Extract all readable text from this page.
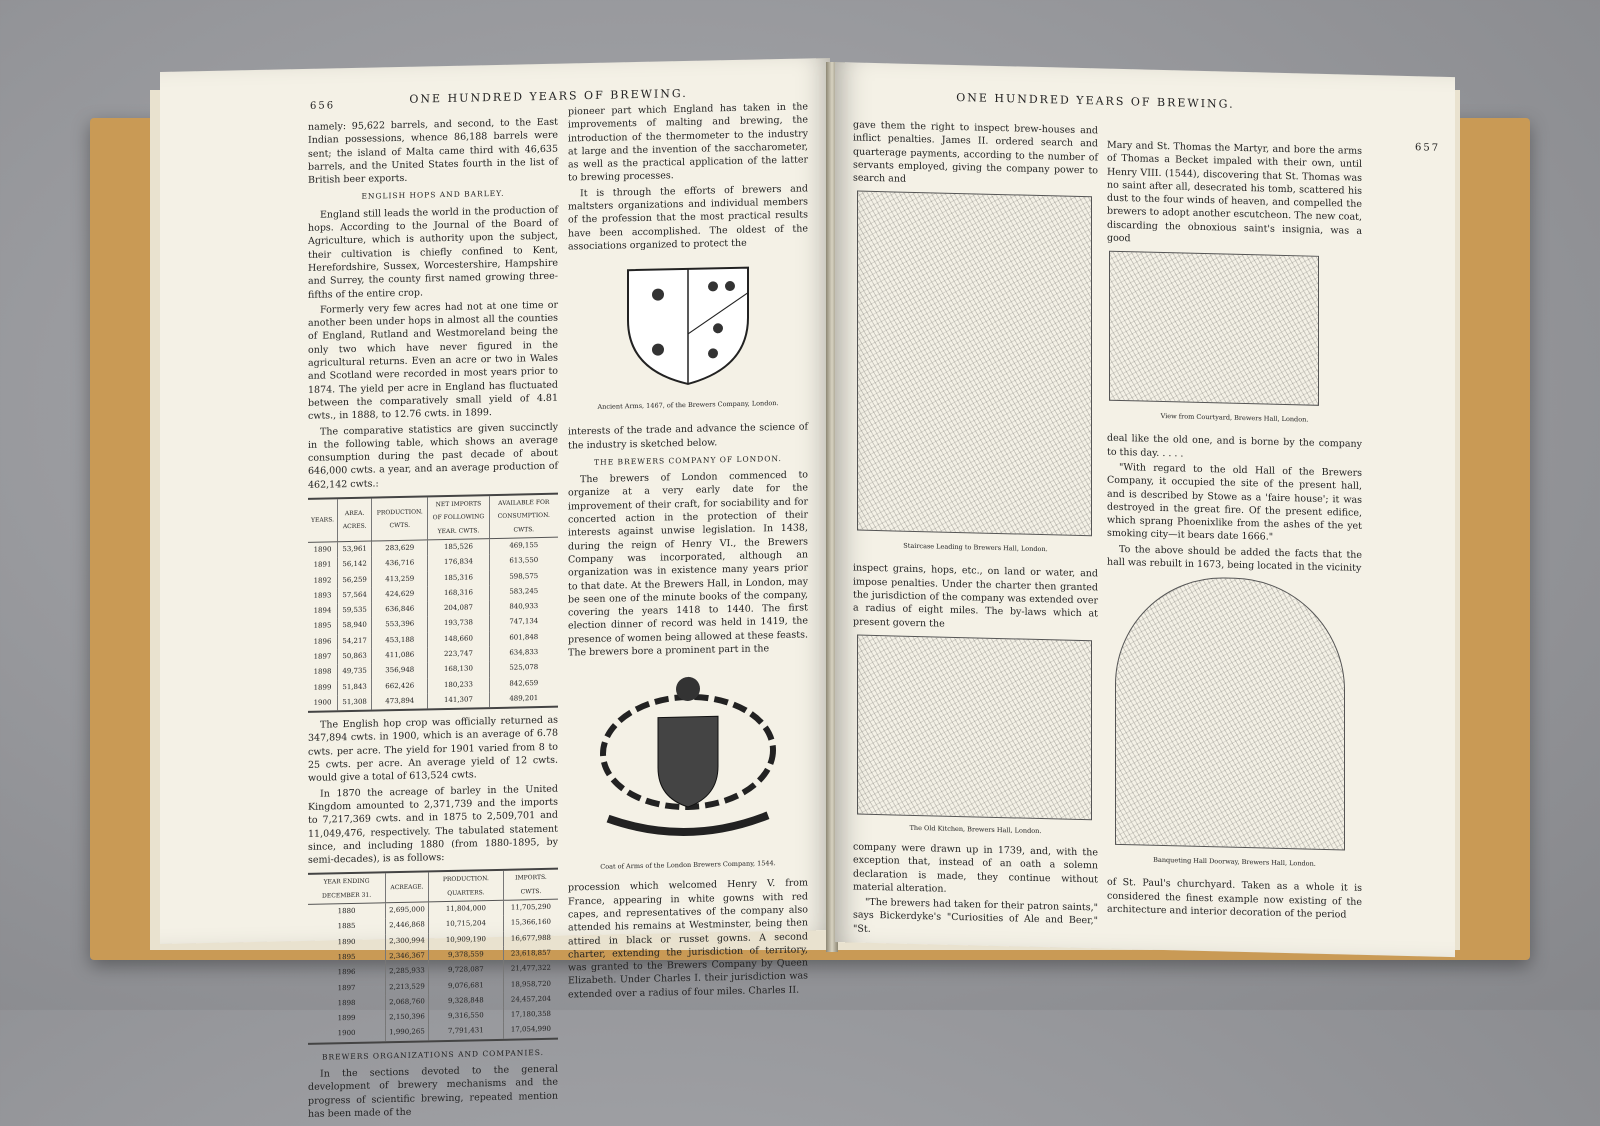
656
ONE HUNDRED YEARS OF BREWING.

namely: 95,622 barrels, and second, to the East Indian possessions, whence 86,188 barrels were sent; the island of Malta came third with 46,635 barrels, and the United States fourth in the list of British beer exports.

ENGLISH HOPS AND BARLEY.

England still leads the world in the production of hops. According to the Journal of the Board of Agriculture, which is authority upon the subject, their cultivation is chiefly confined to Kent, Herefordshire, Sussex, Worcestershire, Hampshire and Surrey, the county first named growing three-fifths of the entire crop.

Formerly very few acres had not at one time or another been under hops in almost all the counties of England, Rutland and Westmoreland being the only two which have never figured in the agricultural returns. Even an acre or two in Wales and Scotland were recorded in most years prior to 1874. The yield per acre in England has fluctuated between the comparatively small yield of 4.81 cwts., in 1888, to 12.76 cwts. in 1899.

The comparative statistics are given succinctly in the following table, which shows an average consumption during the past decade of about 646,000 cwts. a year, and an average production of 462,142 cwts.:

YEARS.	AREA. ACRES.	PRODUCTION. CWTS.	NET IMPORTS OF FOLLOWING YEAR. CWTS.	AVAILABLE FOR CONSUMPTION. CWTS.
1890	53,961	283,629	185,526	469,155
1891	56,142	436,716	176,834	613,550
1892	56,259	413,259	185,316	598,575
1893	57,564	424,629	168,316	583,245
1894	59,535	636,846	204,087	840,933
1895	58,940	553,396	193,738	747,134
1896	54,217	453,188	148,660	601,848
1897	50,863	411,086	223,747	634,833
1898	49,735	356,948	168,130	525,078
1899	51,843	662,426	180,233	842,659
1900	51,308	473,894	141,307	489,201

The English hop crop was officially returned as 347,894 cwts. in 1900, which is an average of 6.78 cwts. per acre. The yield for 1901 varied from 8 to 25 cwts. per acre. An average yield of 12 cwts. would give a total of 613,524 cwts.

In 1870 the acreage of barley in the United Kingdom amounted to 2,371,739 and the imports to 7,217,369 cwts. and in 1875 to 2,509,701 and 11,049,476, respectively. The tabulated statement since, and including 1880 (from 1880-1895, by semi-decades), is as follows:

YEAR ENDING DECEMBER 31.	ACREAGE.	PRODUCTION. QUARTERS.	IMPORTS. CWTS.
1880	2,695,000	11,804,000	11,705,290
1885	2,446,868	10,715,204	15,366,160
1890	2,300,994	10,909,190	16,677,988
1895	2,346,367	9,378,559	23,618,857
1896	2,285,933	9,728,087	21,477,322
1897	2,213,529	9,076,681	18,958,720
1898	2,068,760	9,328,848	24,457,204
1899	2,150,396	9,316,550	17,180,358
1900	1,990,265	7,791,431	17,054,990
BREWERS ORGANIZATIONS AND COMPANIES.

In the sections devoted to the general development of brewery mechanisms and the progress of scientific brewing, repeated mention has been made of the

pioneer part which England has taken in the improvements of malting and brewing, the introduction of the thermometer to the industry at large and the invention of the saccharometer, as well as the practical application of the latter to brewing processes.

It is through the efforts of brewers and maltsters organizations and individual members of the profession that the most practical results have been accomplished. The oldest of the associations organized to protect the

Ancient Arms, 1467, of the Brewers Company, London.

interests of the trade and advance the science of the industry is sketched below.

THE BREWERS COMPANY OF LONDON.

The brewers of London commenced to organize at a very early date for the improvement of their craft, for sociability and for concerted action in the protection of their interests against unwise legislation. In 1438, during the reign of Henry VI., the Brewers Company was incorporated, although an organization was in existence many years prior to that date. At the Brewers Hall, in London, may be seen one of the minute books of the company, covering the years 1418 to 1440. The first election dinner of record was held in 1419, the presence of women being allowed at these feasts. The brewers bore a prominent part in the

Coat of Arms of the London Brewers Company, 1544.

procession which welcomed Henry V. from France, appearing in white gowns with red capes, and representatives of the company also attended his remains at Westminster, being then attired in black or russet gowns. A second charter, extending the jurisdiction of territory, was granted to the Brewers Company by Queen Elizabeth. Under Charles I. their jurisdiction was extended over a radius of four miles. Charles II.

ONE HUNDRED YEARS OF BREWING.
657

gave them the right to inspect brew-houses and inflict penalties. James II. ordered search and quarterage payments, according to the number of servants employed, giving the company power to search and

Staircase Leading to Brewers Hall, London.

inspect grains, hops, etc., on land or water, and impose penalties. Under the charter then granted the jurisdiction of the company was extended over a radius of eight miles. The by-laws which at present govern the

The Old Kitchen, Brewers Hall, London.

company were drawn up in 1739, and, with the exception that, instead of an oath a solemn declaration is made, they continue without material alteration.

"The brewers had taken for their patron saints," says Bickerdyke's "Curiosities of Ale and Beer," "St.

Mary and St. Thomas the Martyr, and bore the arms of Thomas a Becket impaled with their own, until Henry VIII. (1544), discovering that St. Thomas was no saint after all, desecrated his tomb, scattered his dust to the four winds of heaven, and compelled the brewers to adopt another escutcheon. The new coat, discarding the obnoxious saint's insignia, was a good

View from Courtyard, Brewers Hall, London.

deal like the old one, and is borne by the company to this day. . . . .

"With regard to the old Hall of the Brewers Company, it occupied the site of the present hall, and is described by Stowe as a 'faire house'; it was destroyed in the great fire. Of the present edifice, which sprang Phoenixlike from the ashes of the yet smoking city—it bears date 1666."

To the above should be added the facts that the hall was rebuilt in 1673, being located in the vicinity

Banqueting Hall Doorway, Brewers Hall, London.

of St. Paul's churchyard. Taken as a whole it is considered the finest example now existing of the architecture and interior decoration of the period
